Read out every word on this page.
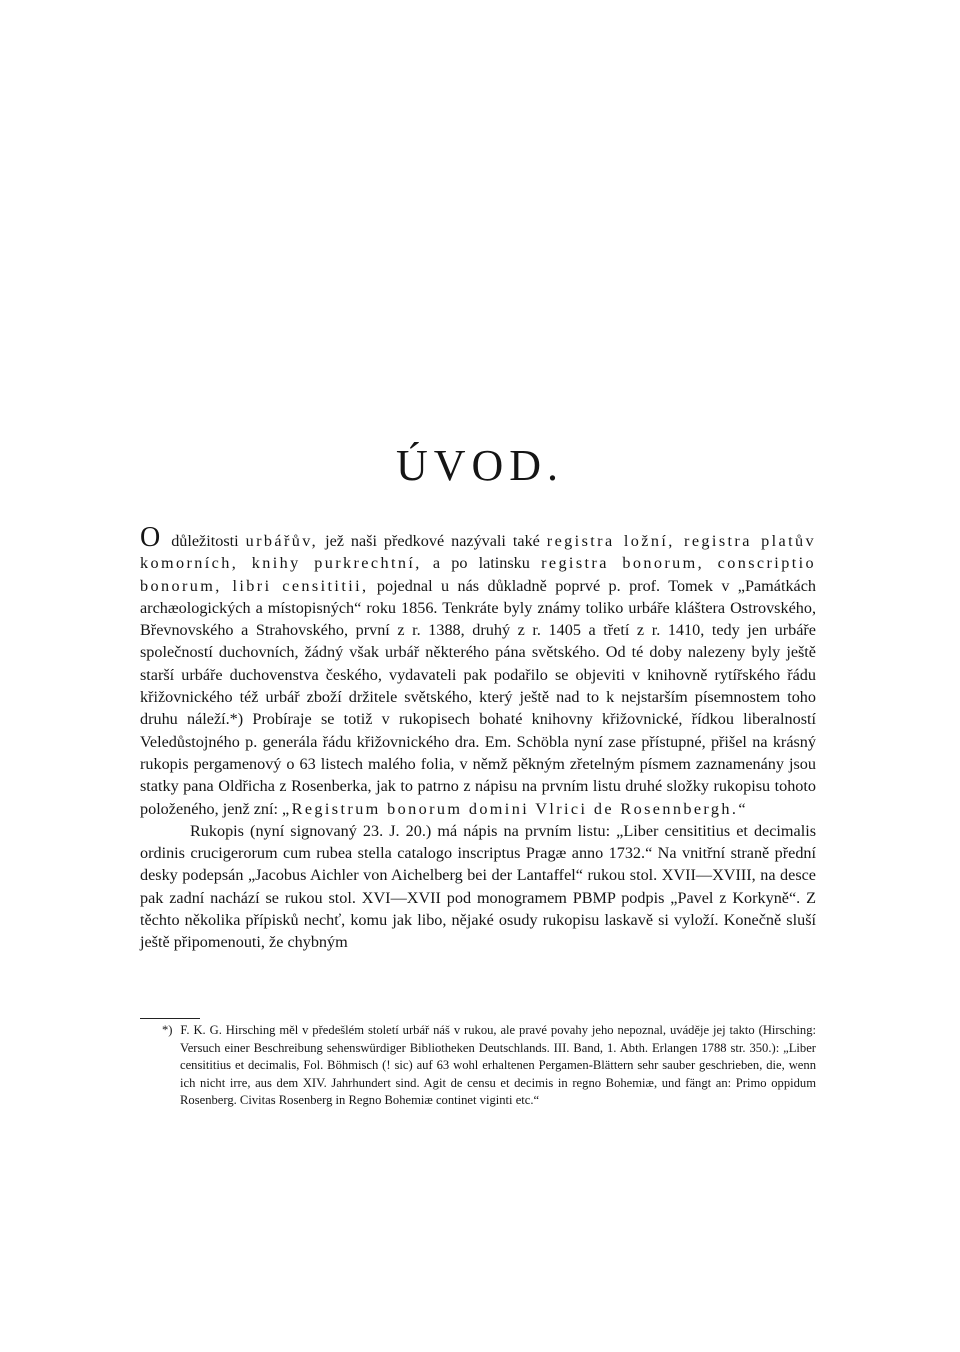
ÚVOD.

O důležitosti urbářův, jež naši předkové nazývali také registra ložní, registra platův komorních, knihy purkrechtní, a po latinsku registra bonorum, conscriptio bonorum, libri censititii, pojednal u nás důkladně poprvé p. prof. Tomek v „Památkách archæologických a místopisných“ roku 1856. Tenkráte byly známy toliko urbáře kláštera Ostrovského, Břevnovského a Strahovského, první z r. 1388, druhý z r. 1405 a třetí z r. 1410, tedy jen urbáře společností duchovních, žádný však urbář některého pána světského. Od té doby nalezeny byly ještě starší urbáře duchovenstva českého, vydavateli pak podařilo se objeviti v knihovně rytířského řádu křižovnického též urbář zboží držitele světského, který ještě nad to k nejstarším písemnostem toho druhu náleží.*) Probíraje se totiž v rukopisech bohaté knihovny křižovnické, řídkou liberalností Veledůstojného p. generála řádu křižovnického dra. Em. Schöbla nyní zase přístupné, přišel na krásný rukopis pergamenový o 63 listech malého folia, v němž pěkným zřetelným písmem zaznamenány jsou statky pana Oldřicha z Rosenberka, jak to patrno z nápisu na prvním listu druhé složky rukopisu tohoto položeného, jenž zní: „Registrum bonorum domini Vlrici de Rosennbergh.“

Rukopis (nyní signovaný 23. J. 20.) má nápis na prvním listu: „Liber censititius et decimalis ordinis crucigerorum cum rubea stella catalogo inscriptus Pragæ anno 1732.“ Na vnitřní straně přední desky podepsán „Jacobus Aichler von Aichelberg bei der Lantaffel“ rukou stol. XVII—XVIII, na desce pak zadní nachází se rukou stol. XVI—XVII pod monogramem PBMP podpis „Pavel z Korkyně“. Z těchto několika přípisků nechť, komu jak libo, nějaké osudy rukopisu laskavě si vyloží. Konečně sluší ještě připomenouti, že chybným

*) F. K. G. Hirsching měl v předešlém století urbář náš v rukou, ale pravé povahy jeho nepoznal, uváděje jej takto (Hirsching: Versuch einer Beschreibung sehenswürdiger Bibliotheken Deutschlands. III. Band, 1. Abth. Erlangen 1788 str. 350.): „Liber censititius et decimalis, Fol. Böhmisch (! sic) auf 63 wohl erhaltenen Pergamen-Blättern sehr sauber geschrieben, die, wenn ich nicht irre, aus dem XIV. Jahrhundert sind. Agit de censu et decimis in regno Bohemiæ, und fängt an: Primo oppidum Rosenberg. Civitas Rosenberg in Regno Bohemiæ continet viginti etc.“
